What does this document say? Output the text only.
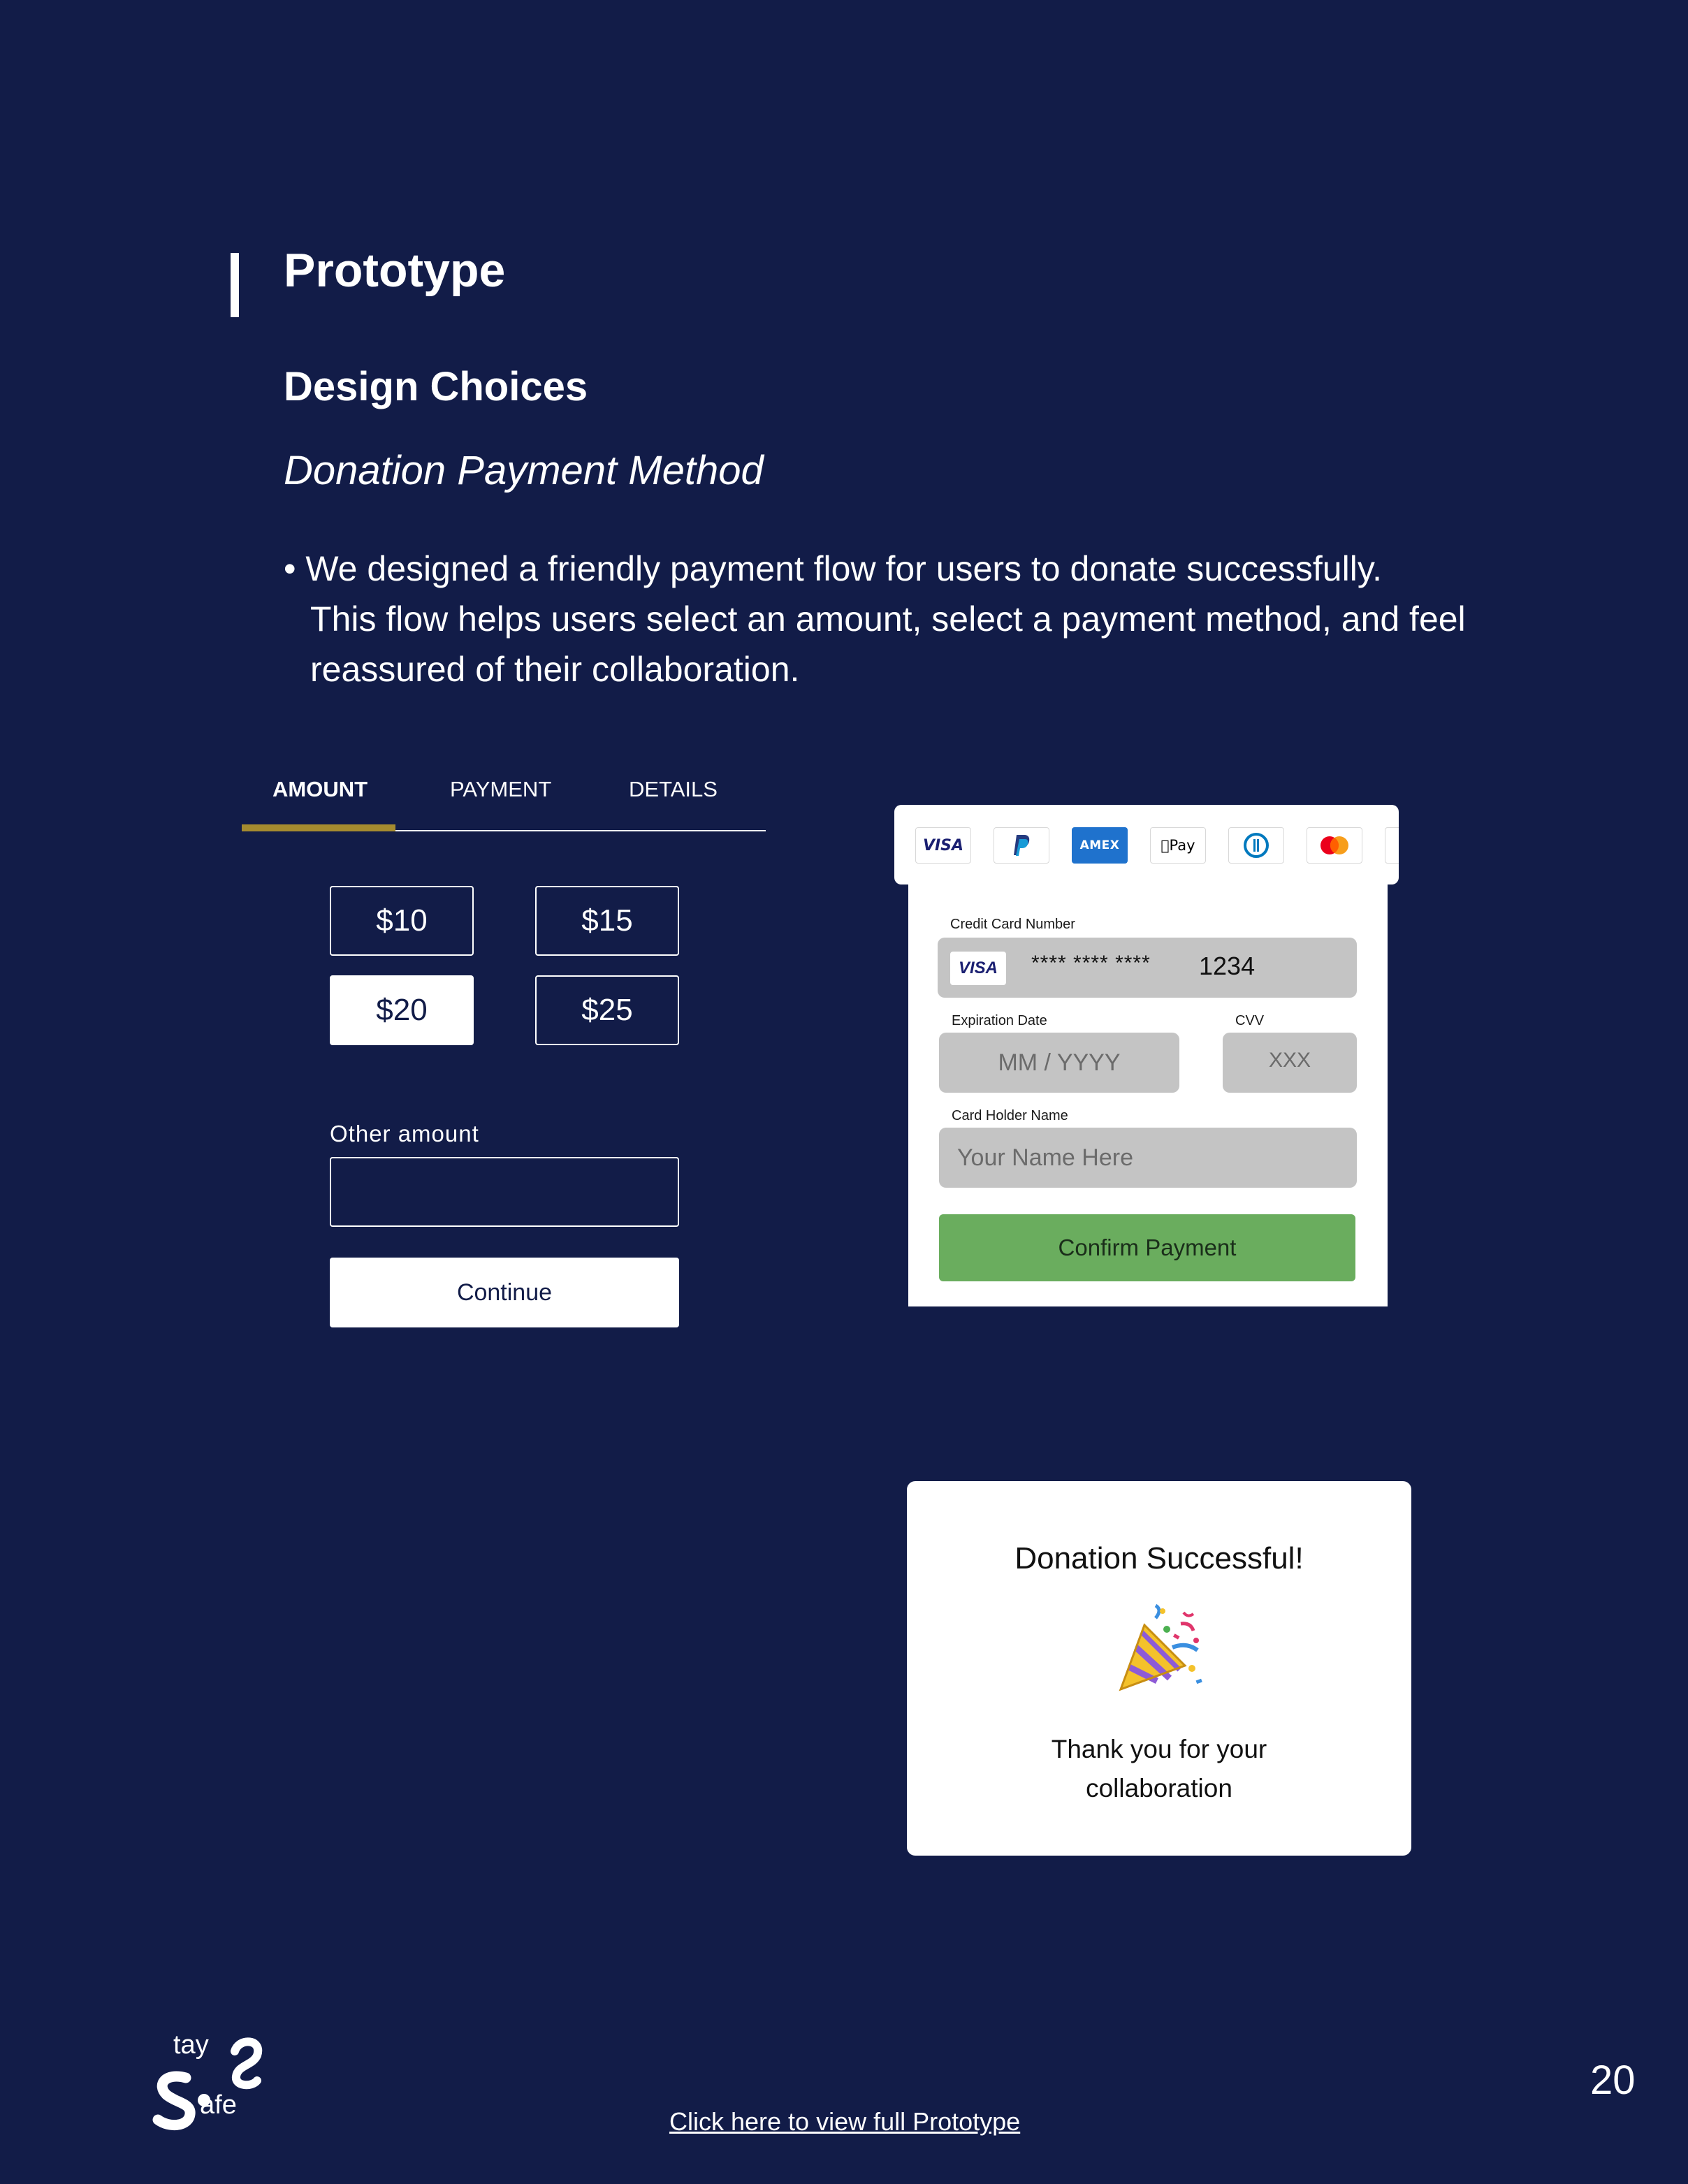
Prototype
Design Choices
Donation Payment Method
• We designed a friendly payment flow for users to donate successfully.
This flow helps users select an amount, select a payment method, and feel
reassured of their collaboration.
AMOUNT	PAYMENT	DETAILS
$10	$15
$20	$25
Other amount
Continue
VISA	AMEX	Pay
Credit Card Number
VISA **** **** **** 1234
Expiration Date	CVV
MM / YYYY	XXX
Card Holder Name
Your Name Here
Confirm Payment
Donation Successful!
Thank you for your
collaboration
tay
afe
20
Click here to view full Prototype
